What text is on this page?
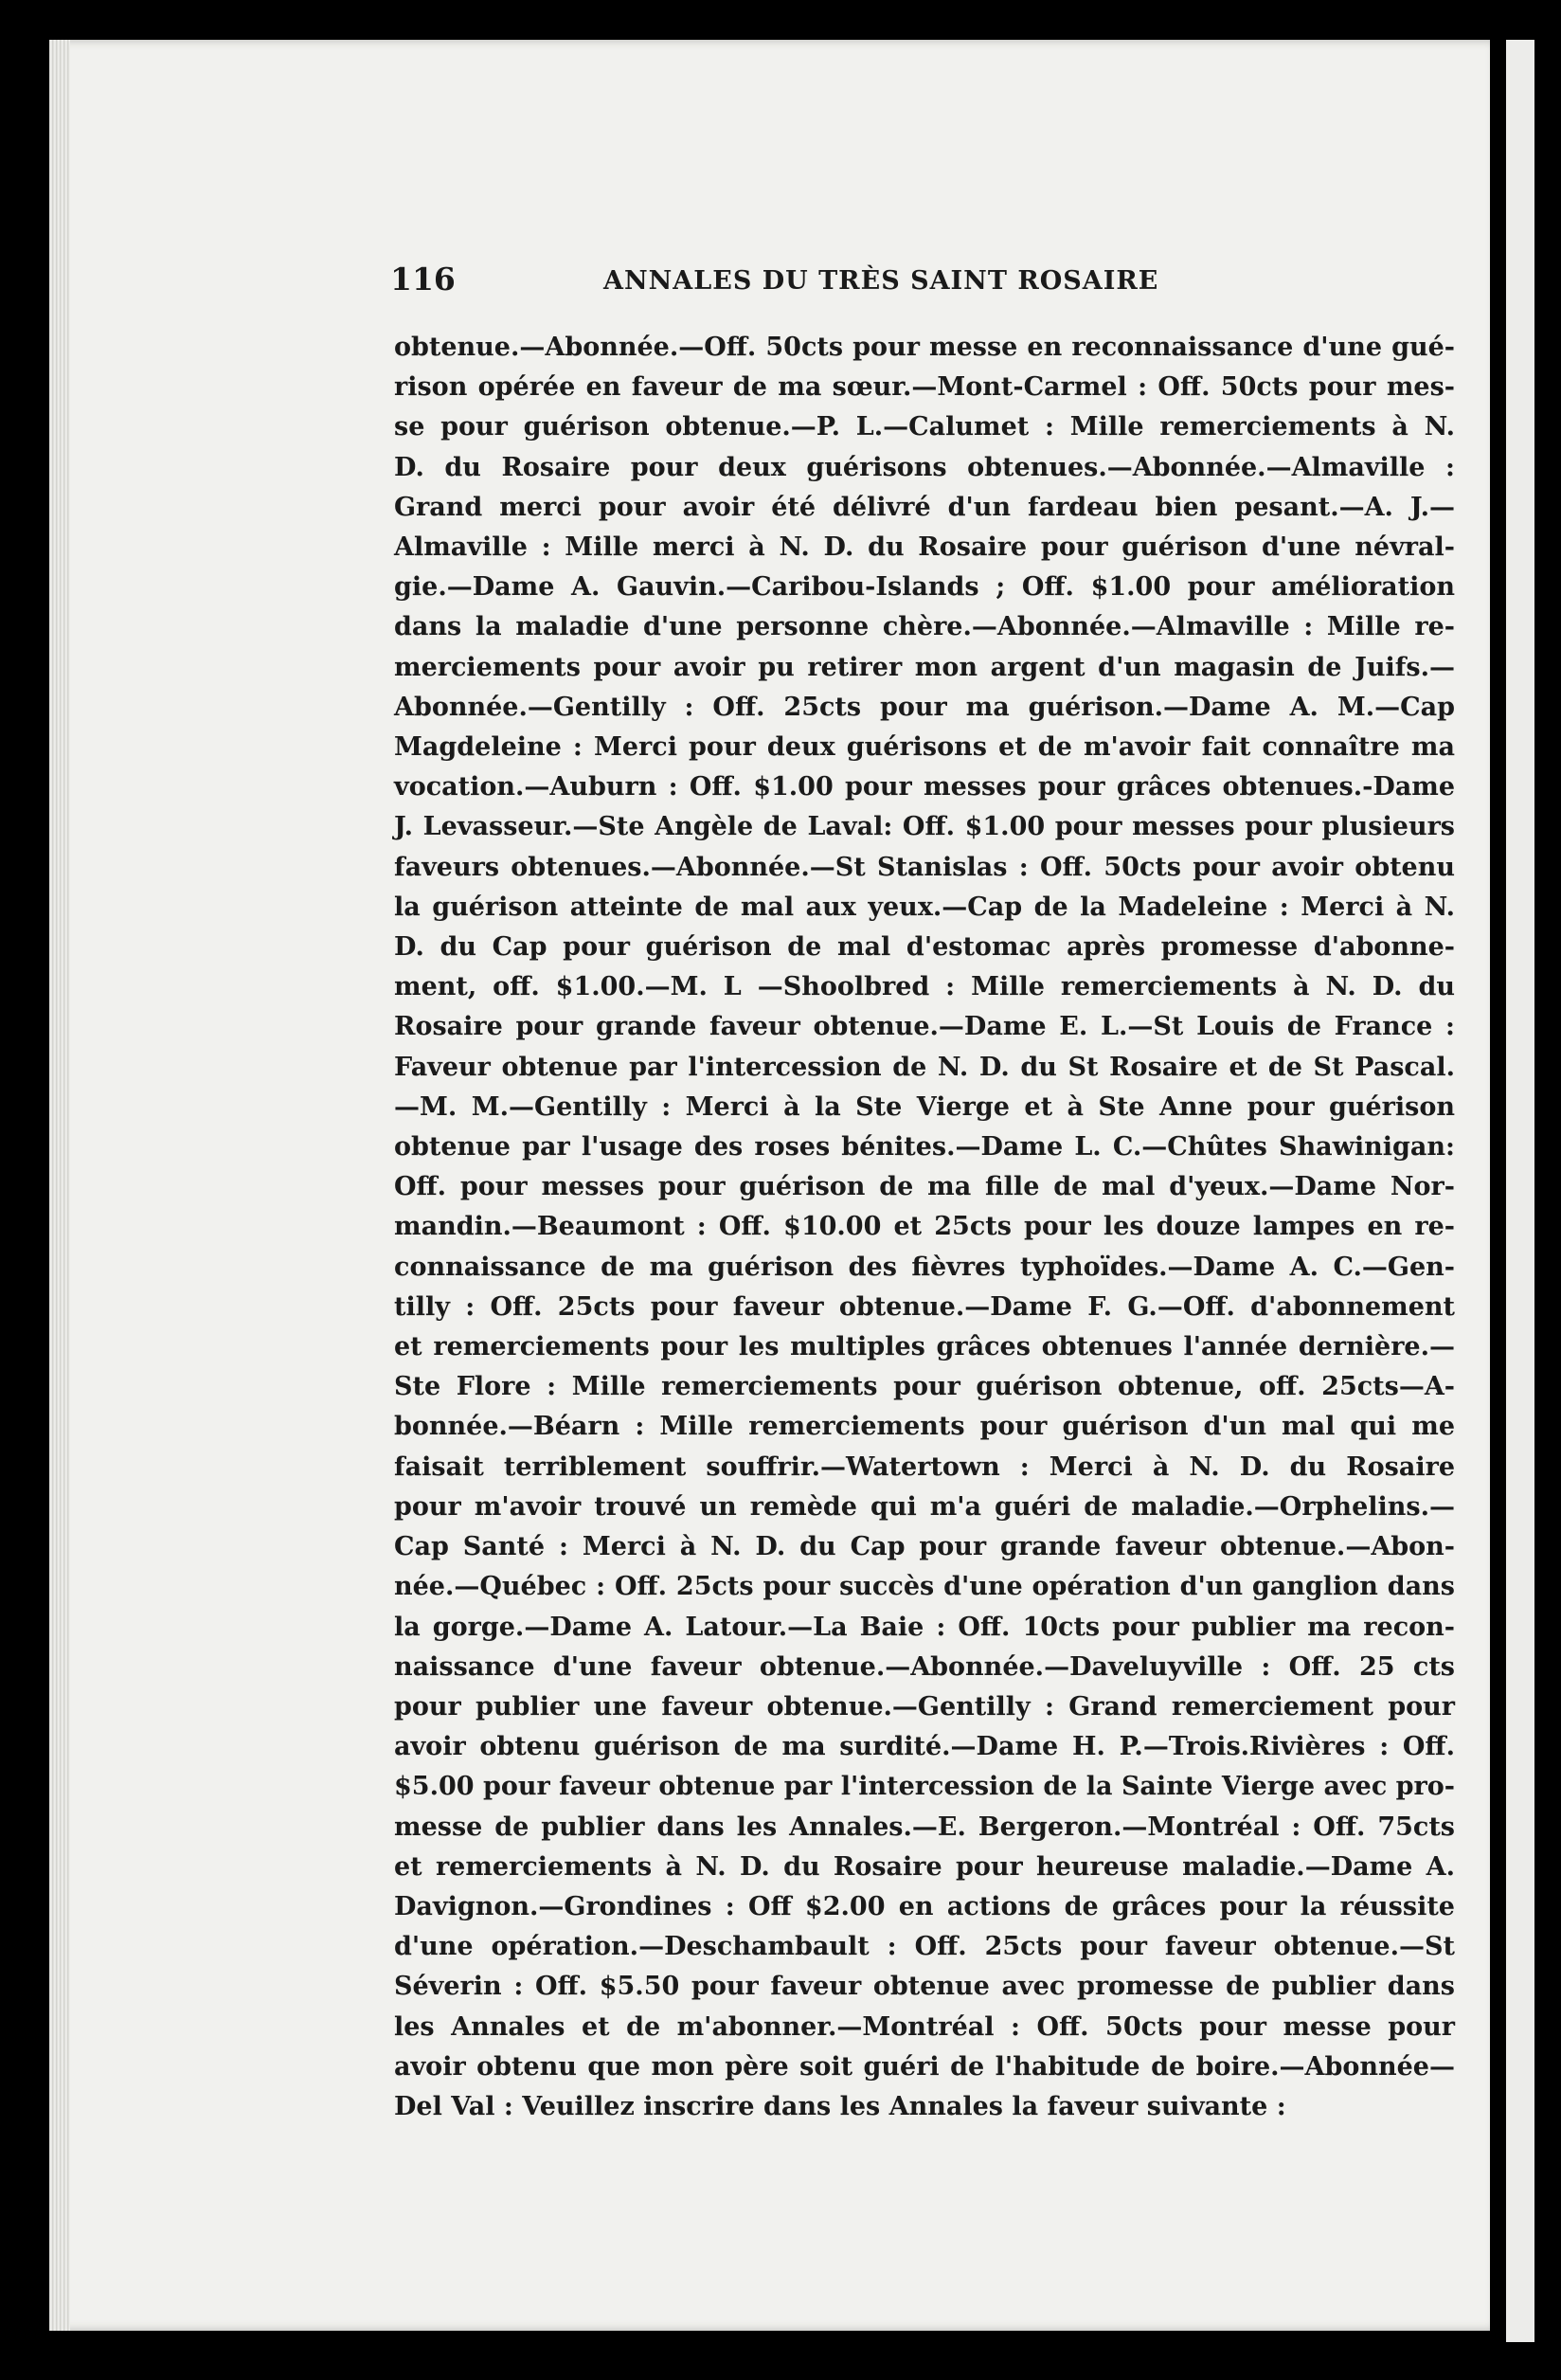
116	ANNALES DU TRÈS SAINT ROSAIRE
obtenue.—Abonnée.—Off. 50cts pour messe en reconnaissance d'une gué-
rison opérée en faveur de ma sœur.—Mont-Carmel : Off. 50cts pour mes-
se pour guérison obtenue.—P. L.—Calumet : Mille remerciements à N.
D. du Rosaire pour deux guérisons obtenues.—Abonnée.—Almaville :
Grand merci pour avoir été délivré d'un fardeau bien pesant.—A. J.—
Almaville : Mille merci à N. D. du Rosaire pour guérison d'une névral-
gie.—Dame A. Gauvin.—Caribou-Islands ; Off. $1.00 pour amélioration
dans la maladie d'une personne chère.—Abonnée.—Almaville : Mille re-
merciements pour avoir pu retirer mon argent d'un magasin de Juifs.—
Abonnée.—Gentilly : Off. 25cts pour ma guérison.—Dame A. M.—Cap
Magdeleine : Merci pour deux guérisons et de m'avoir fait connaître ma
vocation.—Auburn : Off. $1.00 pour messes pour grâces obtenues.-Dame
J. Levasseur.—Ste Angèle de Laval: Off. $1.00 pour messes pour plusieurs
faveurs obtenues.—Abonnée.—St Stanislas : Off. 50cts pour avoir obtenu
la guérison atteinte de mal aux yeux.—Cap de la Madeleine : Merci à N.
D. du Cap pour guérison de mal d'estomac après promesse d'abonne-
ment, off. $1.00.—M. L —Shoolbred : Mille remerciements à N. D. du
Rosaire pour grande faveur obtenue.—Dame E. L.—St Louis de France :
Faveur obtenue par l'intercession de N. D. du St Rosaire et de St Pascal.
—M. M.—Gentilly : Merci à la Ste Vierge et à Ste Anne pour guérison
obtenue par l'usage des roses bénites.—Dame L. C.—Chûtes Shawinigan:
Off. pour messes pour guérison de ma fille de mal d'yeux.—Dame Nor-
mandin.—Beaumont : Off. $10.00 et 25cts pour les douze lampes en re-
connaissance de ma guérison des fièvres typhoïdes.—Dame A. C.—Gen-
tilly : Off. 25cts pour faveur obtenue.—Dame F. G.—Off. d'abonnement
et remerciements pour les multiples grâces obtenues l'année dernière.—
Ste Flore : Mille remerciements pour guérison obtenue, off. 25cts—A-
bonnée.—Béarn : Mille remerciements pour guérison d'un mal qui me
faisait terriblement souffrir.—Watertown : Merci à N. D. du Rosaire
pour m'avoir trouvé un remède qui m'a guéri de maladie.—Orphelins.—
Cap Santé : Merci à N. D. du Cap pour grande faveur obtenue.—Abon-
née.—Québec : Off. 25cts pour succès d'une opération d'un ganglion dans
la gorge.—Dame A. Latour.—La Baie : Off. 10cts pour publier ma recon-
naissance d'une faveur obtenue.—Abonnée.—Daveluyville : Off. 25 cts
pour publier une faveur obtenue.—Gentilly : Grand remerciement pour
avoir obtenu guérison de ma surdité.—Dame H. P.—Trois.Rivières : Off.
$5.00 pour faveur obtenue par l'intercession de la Sainte Vierge avec pro-
messe de publier dans les Annales.—E. Bergeron.—Montréal : Off. 75cts
et remerciements à N. D. du Rosaire pour heureuse maladie.—Dame A.
Davignon.—Grondines : Off $2.00 en actions de grâces pour la réussite
d'une opération.—Deschambault : Off. 25cts pour faveur obtenue.—St
Séverin : Off. $5.50 pour faveur obtenue avec promesse de publier dans
les Annales et de m'abonner.—Montréal : Off. 50cts pour messe pour
avoir obtenu que mon père soit guéri de l'habitude de boire.—Abonnée—
Del Val : Veuillez inscrire dans les Annales la faveur suivante :
